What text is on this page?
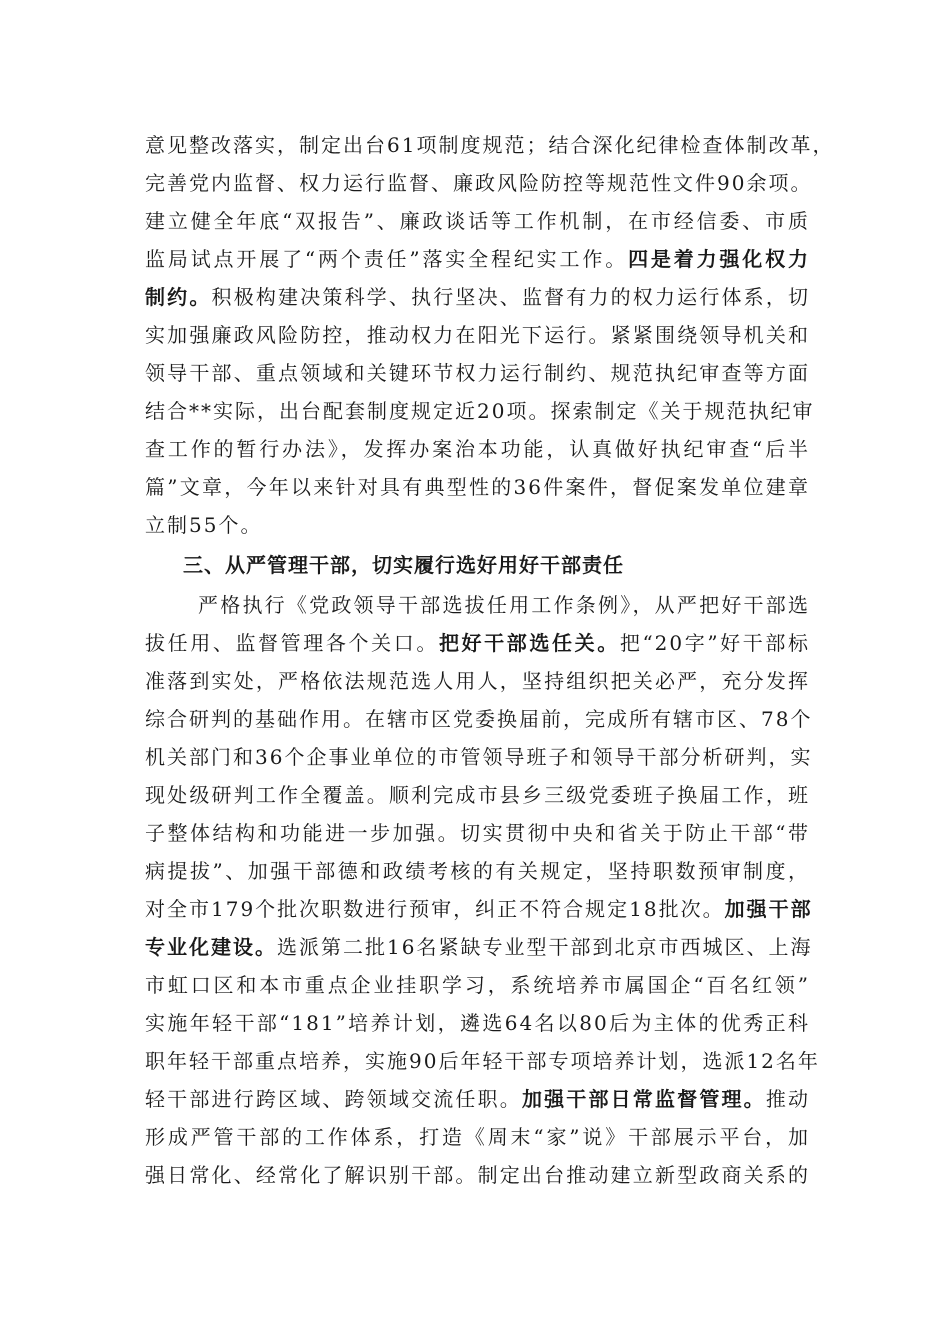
意见整改落实，制定出台61项制度规范；结合深化纪律检查体制改革，
完善党内监督、权力运行监督、廉政风险防控等规范性文件90余项。
建立健全年底“双报告”、廉政谈话等工作机制，在市经信委、市质
监局试点开展了“两个责任”落实全程纪实工作。四是着力强化权力
制约。积极构建决策科学、执行坚决、监督有力的权力运行体系，切
实加强廉政风险防控，推动权力在阳光下运行。紧紧围绕领导机关和
领导干部、重点领域和关键环节权力运行制约、规范执纪审查等方面
结合**实际，出台配套制度规定近20项。探索制定《关于规范执纪审
查工作的暂行办法》，发挥办案治本功能，认真做好执纪审查“后半
篇”文章，今年以来针对具有典型性的36件案件，督促案发单位建章
立制55个。
三、从严管理干部，切实履行选好用好干部责任
严格执行《党政领导干部选拔任用工作条例》，从严把好干部选
拔任用、监督管理各个关口。把好干部选任关。把“20字”好干部标
准落到实处，严格依法规范选人用人，坚持组织把关必严，充分发挥
综合研判的基础作用。在辖市区党委换届前，完成所有辖市区、78个
机关部门和36个企事业单位的市管领导班子和领导干部分析研判，实
现处级研判工作全覆盖。顺利完成市县乡三级党委班子换届工作，班
子整体结构和功能进一步加强。切实贯彻中央和省关于防止干部“带
病提拔”、加强干部德和政绩考核的有关规定，坚持职数预审制度，
对全市179个批次职数进行预审，纠正不符合规定18批次。加强干部
专业化建设。选派第二批16名紧缺专业型干部到北京市西城区、上海
市虹口区和本市重点企业挂职学习，系统培养市属国企“百名红领”
实施年轻干部“181”培养计划，遴选64名以80后为主体的优秀正科
职年轻干部重点培养，实施90后年轻干部专项培养计划，选派12名年
轻干部进行跨区域、跨领域交流任职。加强干部日常监督管理。推动
形成严管干部的工作体系，打造《周末“家”说》干部展示平台，加
强日常化、经常化了解识别干部。制定出台推动建立新型政商关系的
